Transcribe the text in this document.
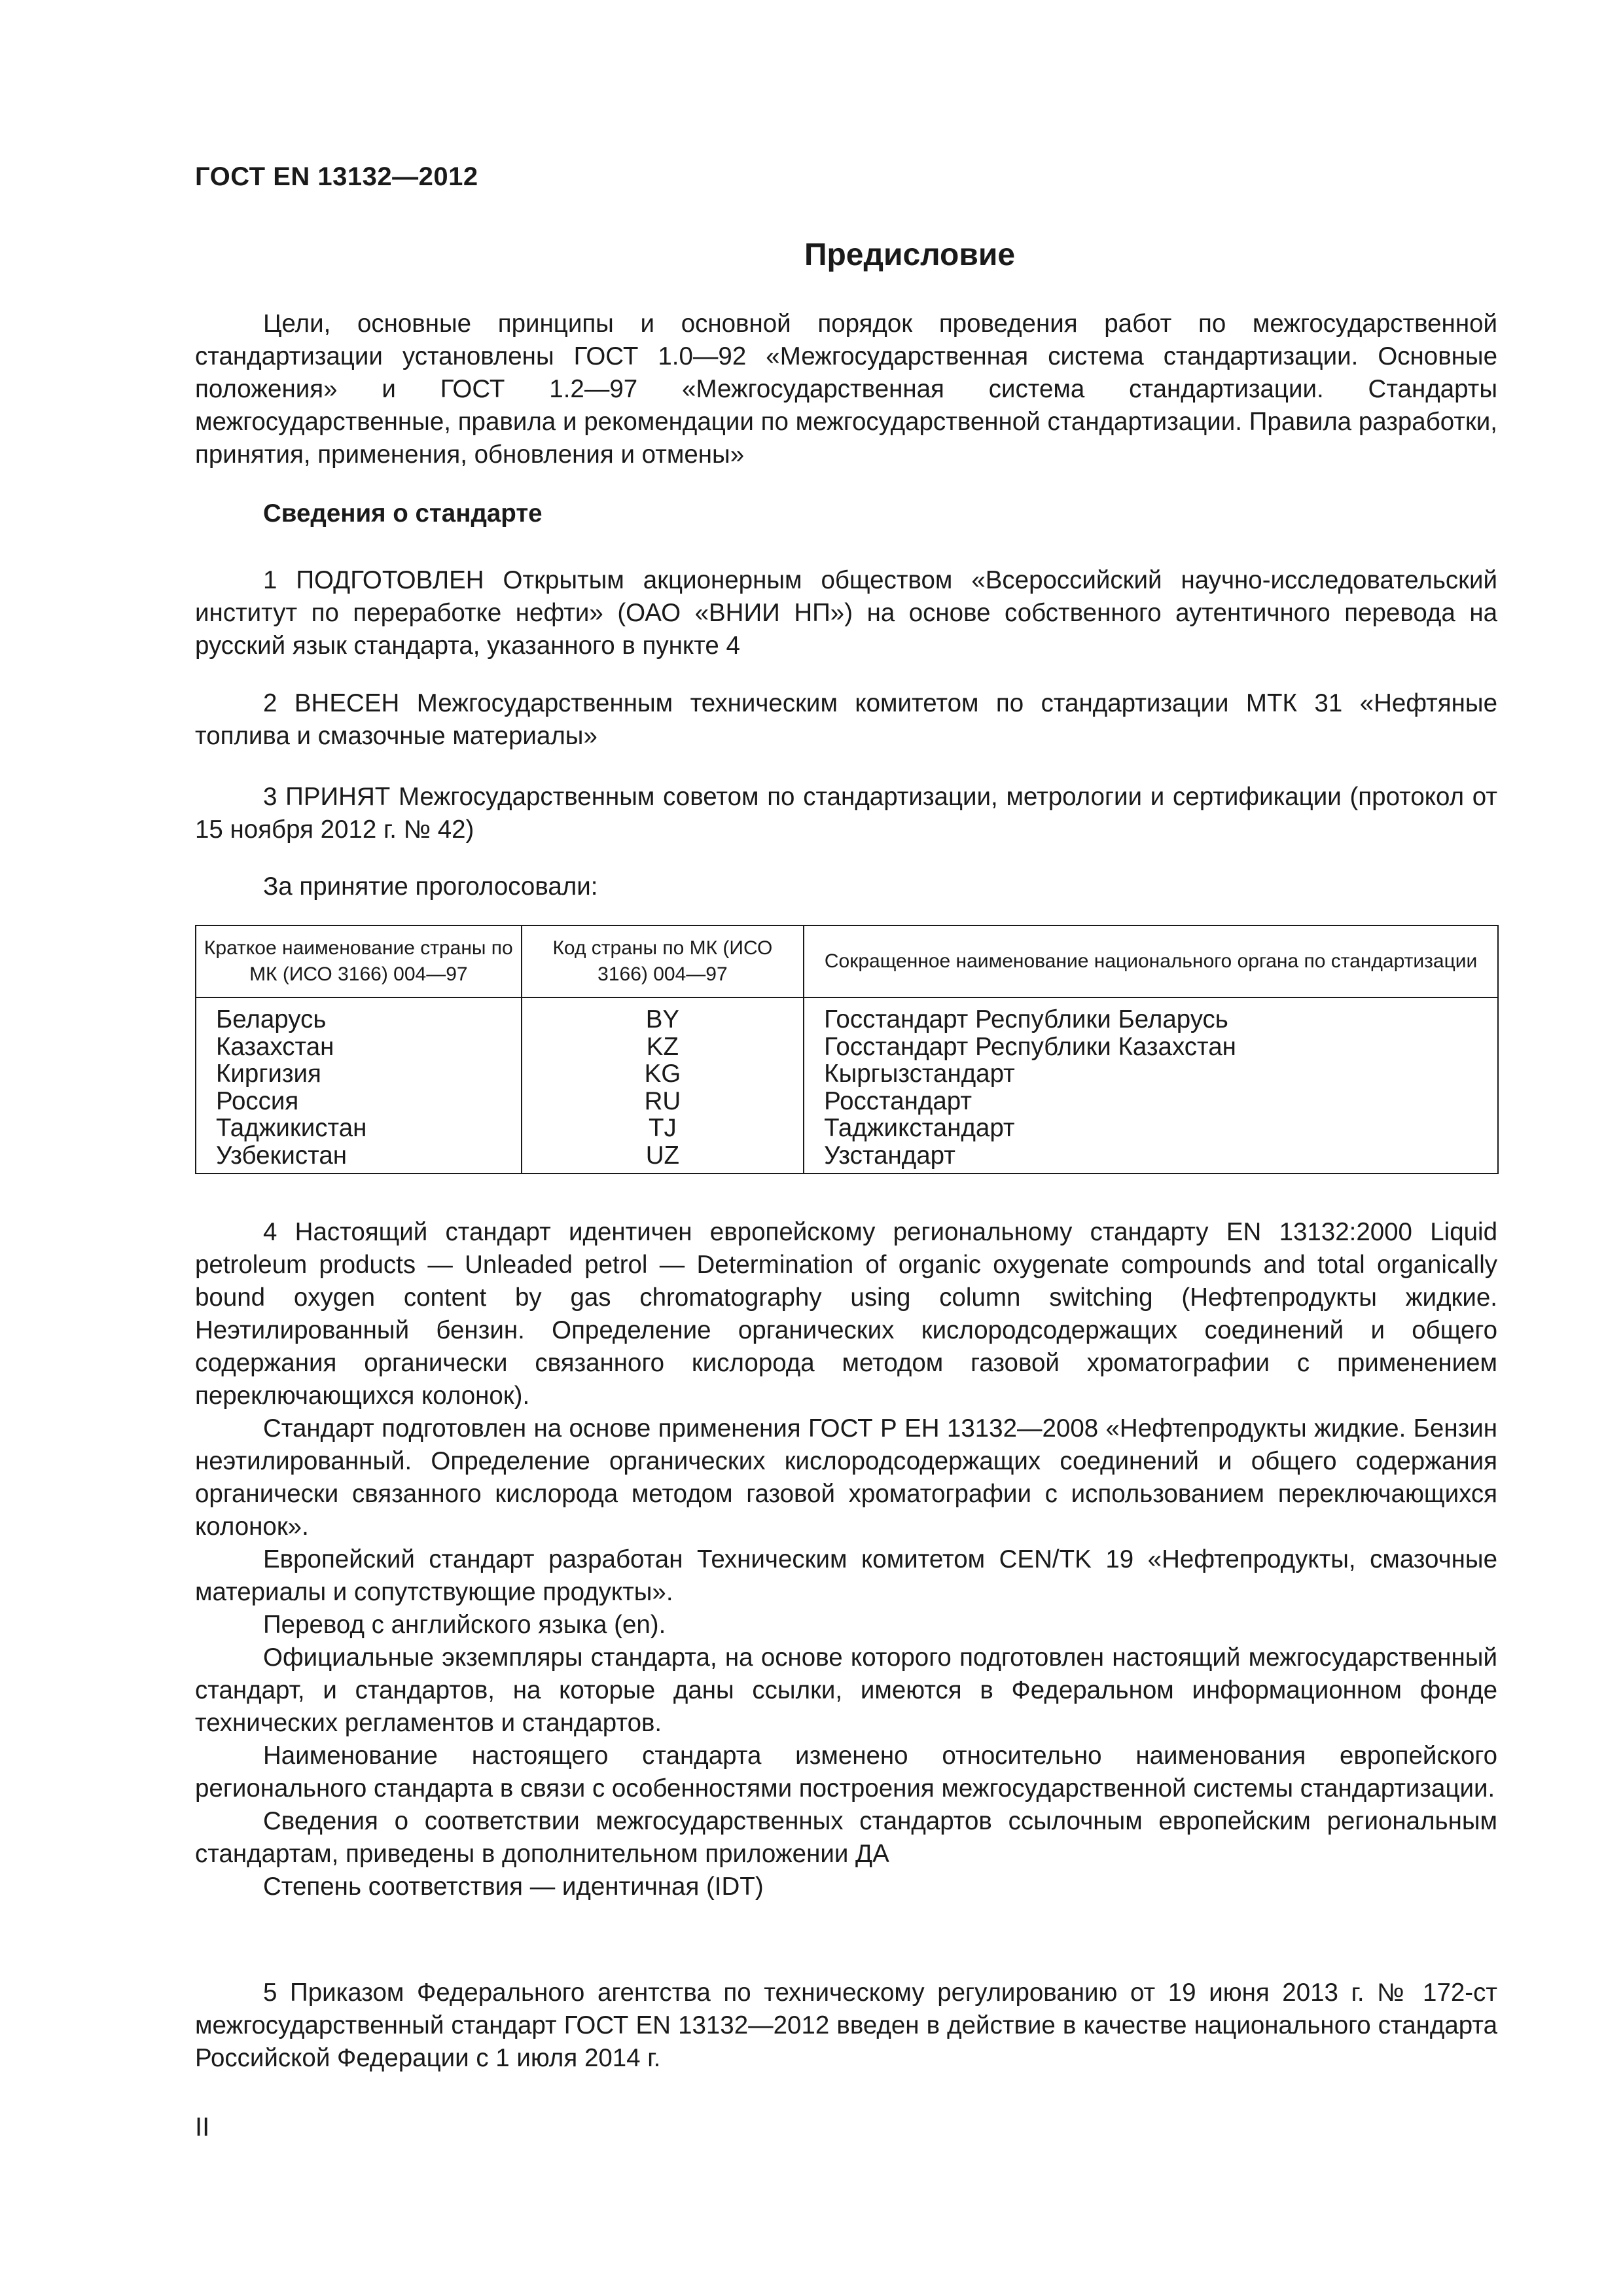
ГОСТ EN 13132—2012
Предисловие

Цели, основные принципы и основной порядок проведения работ по межгосударственной стандартизации установлены ГОСТ 1.0—92 «Межгосударственная система стандартизации. Основные положения» и ГОСТ 1.2—97 «Межгосударственная система стандартизации. Стандарты межгосударственные, правила и рекомендации по межгосударственной стандартизации. Правила разработки, принятия, применения, обновления и отмены»

Сведения о стандарте

1 ПОДГОТОВЛЕН Открытым акционерным обществом «Всероссийский научно-исследовательский институт по переработке нефти» (ОАО «ВНИИ НП») на основе собственного аутентичного перевода на русский язык стандарта, указанного в пункте 4

2 ВНЕСЕН Межгосударственным техническим комитетом по стандартизации МТК 31 «Нефтяные топлива и смазочные материалы»

3 ПРИНЯТ Межгосударственным советом по стандартизации, метрологии и сертификации (протокол от 15 ноября 2012 г. № 42)

За принятие проголосовали:
Краткое наименование страны по МК (ИСО 3166) 004—97	Код страны по МК (ИСО 3166) 004—97	Сокращенное наименование национального органа по стандартизации
Беларусь	BY	Госстандарт Республики Беларусь
Казахстан	KZ	Госстандарт Республики Казахстан
Киргизия	KG	Кыргызстандарт
Россия	RU	Росстандарт
Таджикистан	TJ	Таджикстандарт
Узбекистан	UZ	Узстандарт

4 Настоящий стандарт идентичен европейскому региональному стандарту EN 13132:2000 Liquid petroleum products — Unleaded petrol — Determination of organic oxygenate compounds and total organically bound oxygen content by gas chromatography using column switching (Нефтепродукты жидкие. Неэтилированный бензин. Определение органических кислородсодержащих соединений и общего содержания органически связанного кислорода методом газовой хроматографии с применением переключающихся колонок).

Стандарт подготовлен на основе применения ГОСТ Р ЕН 13132—2008 «Нефтепродукты жидкие. Бензин неэтилированный. Определение органических кислородсодержащих соединений и общего содержания органически связанного кислорода методом газовой хроматографии с использованием переключающихся колонок».

Европейский стандарт разработан Техническим комитетом CEN/TK 19 «Нефтепродукты, смазочные материалы и сопутствующие продукты».

Перевод с английского языка (en).

Официальные экземпляры стандарта, на основе которого подготовлен настоящий межгосударственный стандарт, и стандартов, на которые даны ссылки, имеются в Федеральном информационном фонде технических регламентов и стандартов.

Наименование настоящего стандарта изменено относительно наименования европейского регионального стандарта в связи с особенностями построения межгосударственной системы стандартизации.

Сведения о соответствии межгосударственных стандартов ссылочным европейским региональным стандартам, приведены в дополнительном приложении ДА

Степень соответствия — идентичная (IDT)

5 Приказом Федерального агентства по техническому регулированию от 19 июня 2013 г. № 172-ст межгосударственный стандарт ГОСТ EN 13132—2012 введен в действие в качестве национального стандарта Российской Федерации с 1 июля 2014 г.

II
